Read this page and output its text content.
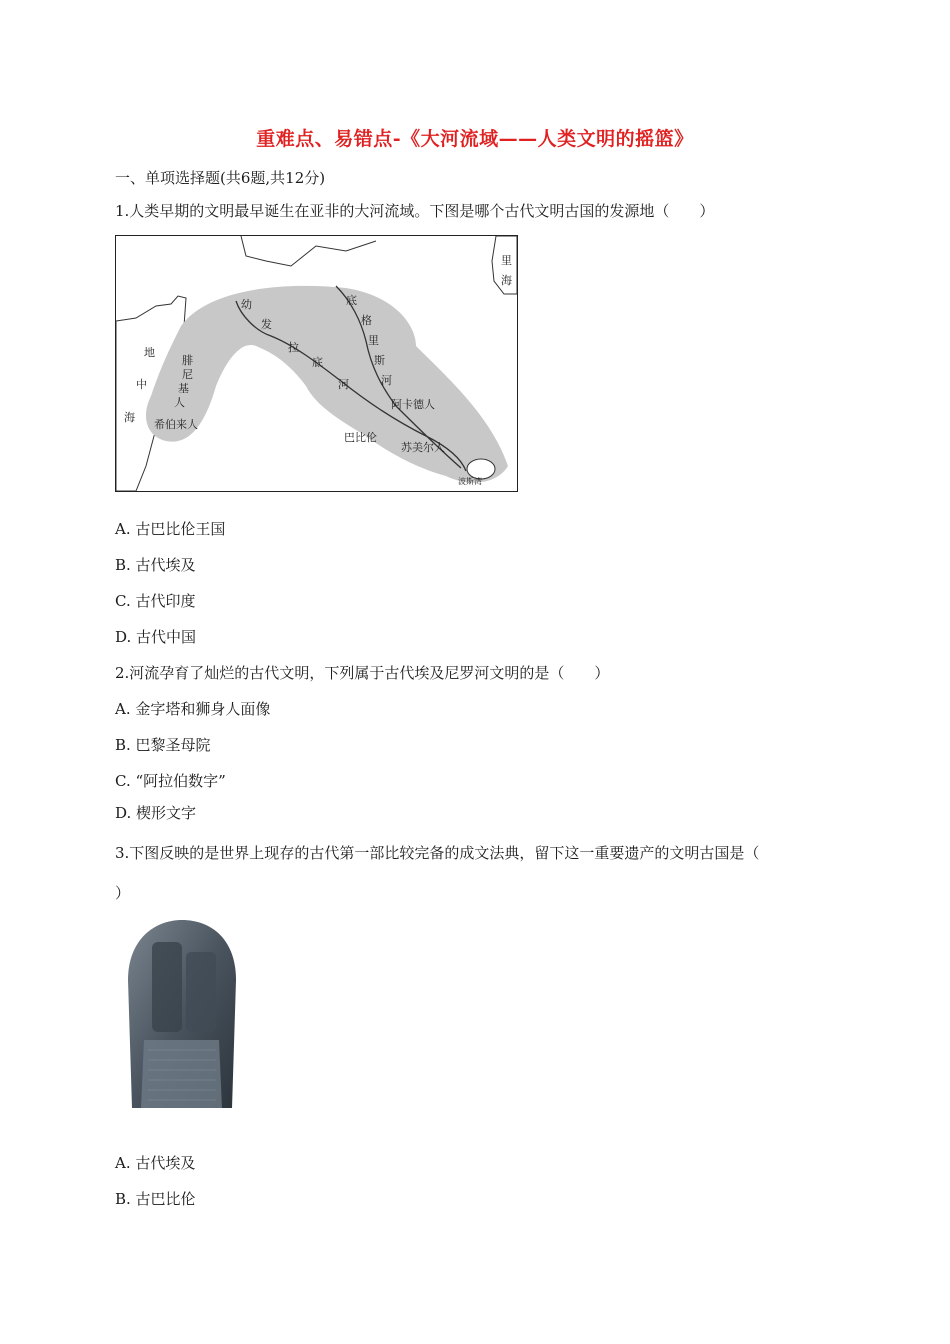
重难点、易错点-《大河流域——人类文明的摇篮》
一、单项选择题(共6题,共12分)
1.人类早期的文明最早诞生在亚非的大河流域。下图是哪个古代文明古国的发源地（　　）
里
海
地
中
海
腓
尼
基
人
希伯来人
幼
发
拉
底
河
底
格
里
斯
河
阿卡德人
巴比伦
苏美尔人
波斯湾
A. 古巴比伦王国
B. 古代埃及
C. 古代印度
D. 古代中国
2.河流孕育了灿烂的古代文明，下列属于古代埃及尼罗河文明的是（　　）
A. 金字塔和狮身人面像
B. 巴黎圣母院
C. “阿拉伯数字”
D. 楔形文字
3.下图反映的是世界上现存的古代第一部比较完备的成文法典，留下这一重要遗产的文明古国是（
）
A. 古代埃及
B. 古巴比伦
